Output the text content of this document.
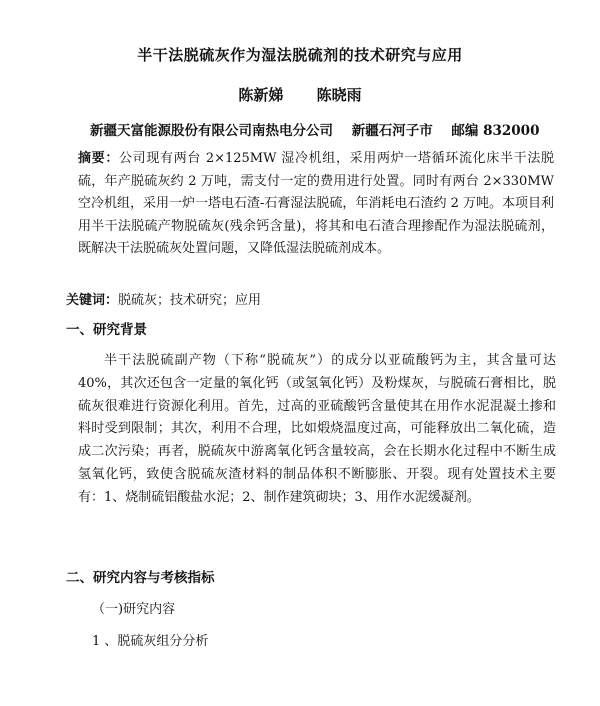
半干法脱硫灰作为湿法脱硫剂的技术研究与应用
陈新娣 陈晓雨
新疆天富能源股份有限公司南热电分公司 新疆石河子市 邮编 832000

摘要：公司现有两台 2×125MW 湿冷机组，采用两炉一塔循环流化床半干法脱硫，年产脱硫灰约 2 万吨，需支付一定的费用进行处置。同时有两台 2×330MW 空冷机组，采用一炉一塔电石渣-石膏湿法脱硫，年消耗电石渣约 2 万吨。本项目利用半干法脱硫产物脱硫灰(残余钙含量)，将其和电石渣合理掺配作为湿法脱硫剂，既解决干法脱硫灰处置问题，又降低湿法脱硫剂成本。

关键词：脱硫灰；技术研究；应用
一、研究背景

半干法脱硫副产物（下称“脱硫灰”）的成分以亚硫酸钙为主，其含量可达 40%，其次还包含一定量的氧化钙（或氢氧化钙）及粉煤灰，与脱硫石膏相比，脱硫灰很难进行资源化利用。首先，过高的亚硫酸钙含量使其在用作水泥混凝土掺和料时受到限制；其次，利用不合理，比如煅烧温度过高，可能释放出二氧化硫，造成二次污染；再者，脱硫灰中游离氧化钙含量较高，会在长期水化过程中不断生成氢氧化钙，致使含脱硫灰渣材料的制品体积不断膨胀、开裂。现有处置技术主要有：1、烧制硫铝酸盐水泥；2、制作建筑砌块；3、用作水泥缓凝剂。

二、研究内容与考核指标
（一)研究内容
1 、脱硫灰组分分析
